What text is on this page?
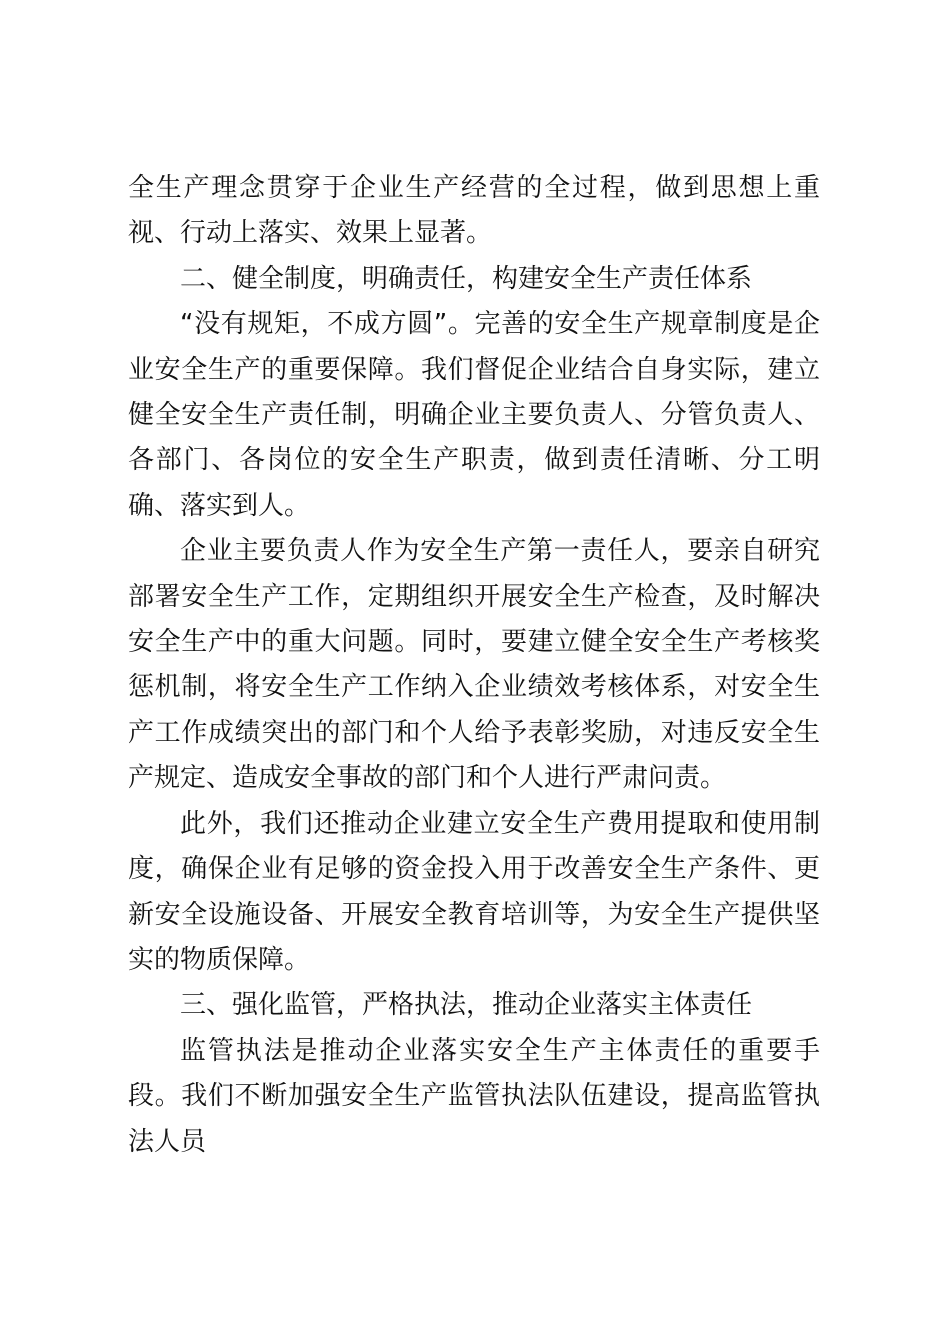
全生产理念贯穿于企业生产经营的全过程，做到思想上重视、行动上落实、效果上显著。

二、健全制度，明确责任，构建安全生产责任体系

“没有规矩，不成方圆”。完善的安全生产规章制度是企业安全生产的重要保障。我们督促企业结合自身实际，建立健全安全生产责任制，明确企业主要负责人、分管负责人、各部门、各岗位的安全生产职责，做到责任清晰、分工明确、落实到人。

企业主要负责人作为安全生产第一责任人，要亲自研究部署安全生产工作，定期组织开展安全生产检查，及时解决安全生产中的重大问题。同时，要建立健全安全生产考核奖惩机制，将安全生产工作纳入企业绩效考核体系，对安全生产工作成绩突出的部门和个人给予表彰奖励，对违反安全生产规定、造成安全事故的部门和个人进行严肃问责。

此外，我们还推动企业建立安全生产费用提取和使用制度，确保企业有足够的资金投入用于改善安全生产条件、更新安全设施设备、开展安全教育培训等，为安全生产提供坚实的物质保障。

三、强化监管，严格执法，推动企业落实主体责任

监管执法是推动企业落实安全生产主体责任的重要手段。我们不断加强安全生产监管执法队伍建设，提高监管执法人员
